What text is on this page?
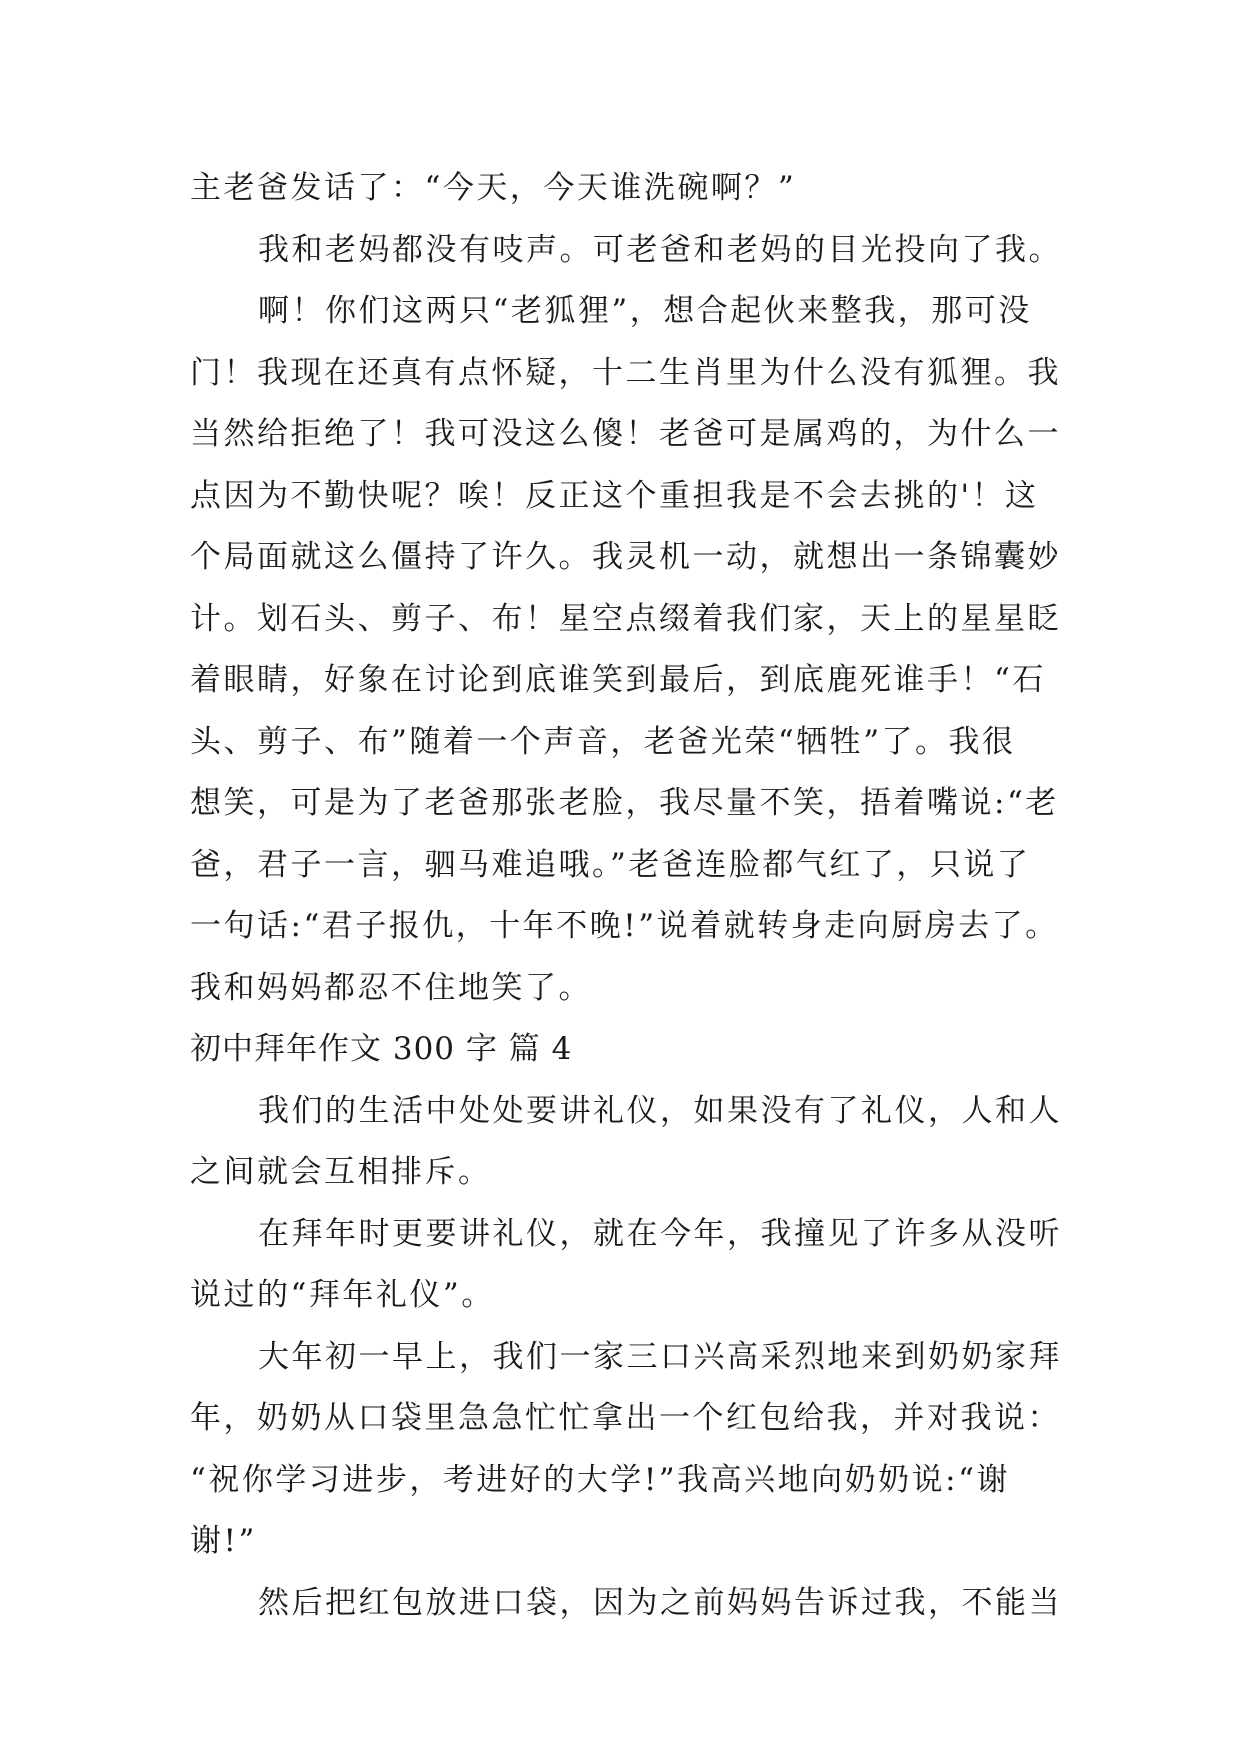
主老爸发话了：“今天，今天谁洗碗啊？”
我和老妈都没有吱声。可老爸和老妈的目光投向了我。
啊！你们这两只“老狐狸”，想合起伙来整我，那可没
门！我现在还真有点怀疑，十二生肖里为什么没有狐狸。我
当然给拒绝了！我可没这么傻！老爸可是属鸡的，为什么一
点因为不勤快呢？唉！反正这个重担我是不会去挑的'！这
个局面就这么僵持了许久。我灵机一动，就想出一条锦囊妙
计。划石头、剪子、布！星空点缀着我们家，天上的星星眨
着眼睛，好象在讨论到底谁笑到最后，到底鹿死谁手！“石
头、剪子、布”随着一个声音，老爸光荣“牺牲”了。我很
想笑，可是为了老爸那张老脸，我尽量不笑，捂着嘴说:“老
爸，君子一言，驷马难追哦。”老爸连脸都气红了，只说了
一句话:“君子报仇，十年不晚!”说着就转身走向厨房去了。
我和妈妈都忍不住地笑了。
初中拜年作文 300 字 篇 4
我们的生活中处处要讲礼仪，如果没有了礼仪，人和人
之间就会互相排斥。
在拜年时更要讲礼仪，就在今年，我撞见了许多从没听
说过的“拜年礼仪”。
大年初一早上，我们一家三口兴高采烈地来到奶奶家拜
年，奶奶从口袋里急急忙忙拿出一个红包给我，并对我说：
“祝你学习进步，考进好的大学!”我高兴地向奶奶说:“谢
谢!”
然后把红包放进口袋，因为之前妈妈告诉过我，不能当
